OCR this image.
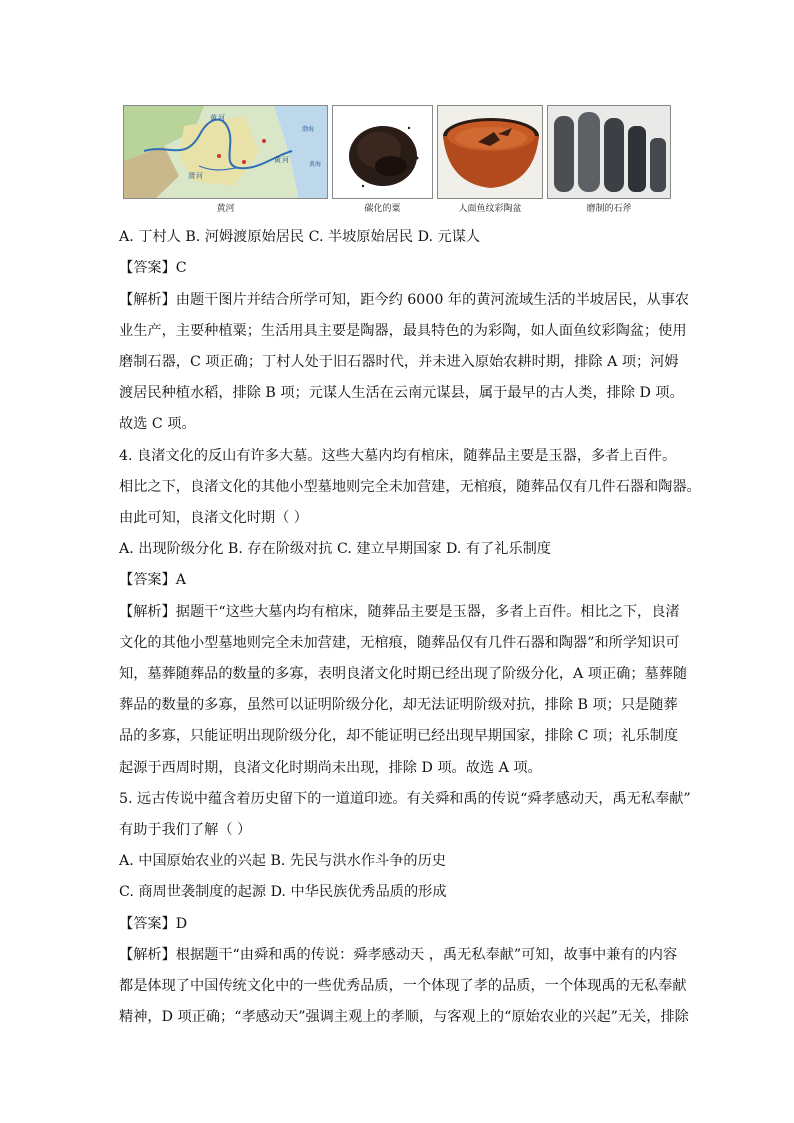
黄 河
渭 河
黄 河
渤海
黄海
黄河	碳化的粟	人面鱼纹彩陶盆	磨制的石斧
A. 丁村人 B. 河姆渡原始居民 C. 半坡原始居民 D. 元谋人
【答案】C
【解析】由题干图片并结合所学可知，距今约 6000 年的黄河流域生活的半坡居民，从事农
业生产，主要种植粟；生活用具主要是陶器，最具特色的为彩陶，如人面鱼纹彩陶盆；使用
磨制石器，C 项正确；丁村人处于旧石器时代，并未进入原始农耕时期，排除 A 项；河姆
渡居民种植水稻，排除 B 项；元谋人生活在云南元谋县，属于最早的古人类，排除 D 项。
故选 C 项。
4. 良渚文化的反山有许多大墓。这些大墓内均有棺床，随葬品主要是玉器，多者上百件。
相比之下，良渚文化的其他小型墓地则完全未加营建，无棺痕，随葬品仅有几件石器和陶器。
由此可知，良渚文化时期（ ）
A. 出现阶级分化 B. 存在阶级对抗 C. 建立早期国家 D. 有了礼乐制度
【答案】A
【解析】据题干“这些大墓内均有棺床，随葬品主要是玉器，多者上百件。相比之下，良渚
文化的其他小型墓地则完全未加营建，无棺痕，随葬品仅有几件石器和陶器”和所学知识可
知，墓葬随葬品的数量的多寡，表明良渚文化时期已经出现了阶级分化，A 项正确；墓葬随
葬品的数量的多寡，虽然可以证明阶级分化，却无法证明阶级对抗，排除 B 项；只是随葬
品的多寡，只能证明出现阶级分化，却不能证明已经出现早期国家，排除 C 项；礼乐制度
起源于西周时期，良渚文化时期尚未出现，排除 D 项。故选 A 项。
5. 远古传说中蕴含着历史留下的一道道印迹。有关舜和禹的传说“舜孝感动天，禹无私奉献”
有助于我们了解（ ）
A. 中国原始农业的兴起 B. 先民与洪水作斗争的历史
C. 商周世袭制度的起源 D. 中华民族优秀品质的形成
【答案】D
【解析】根据题干“由舜和禹的传说：舜孝感动天 ，禹无私奉献”可知，故事中兼有的内容
都是体现了中国传统文化中的一些优秀品质，一个体现了孝的品质，一个体现禹的无私奉献
精神，D 项正确；“孝感动天”强调主观上的孝顺，与客观上的“原始农业的兴起”无关，排除
